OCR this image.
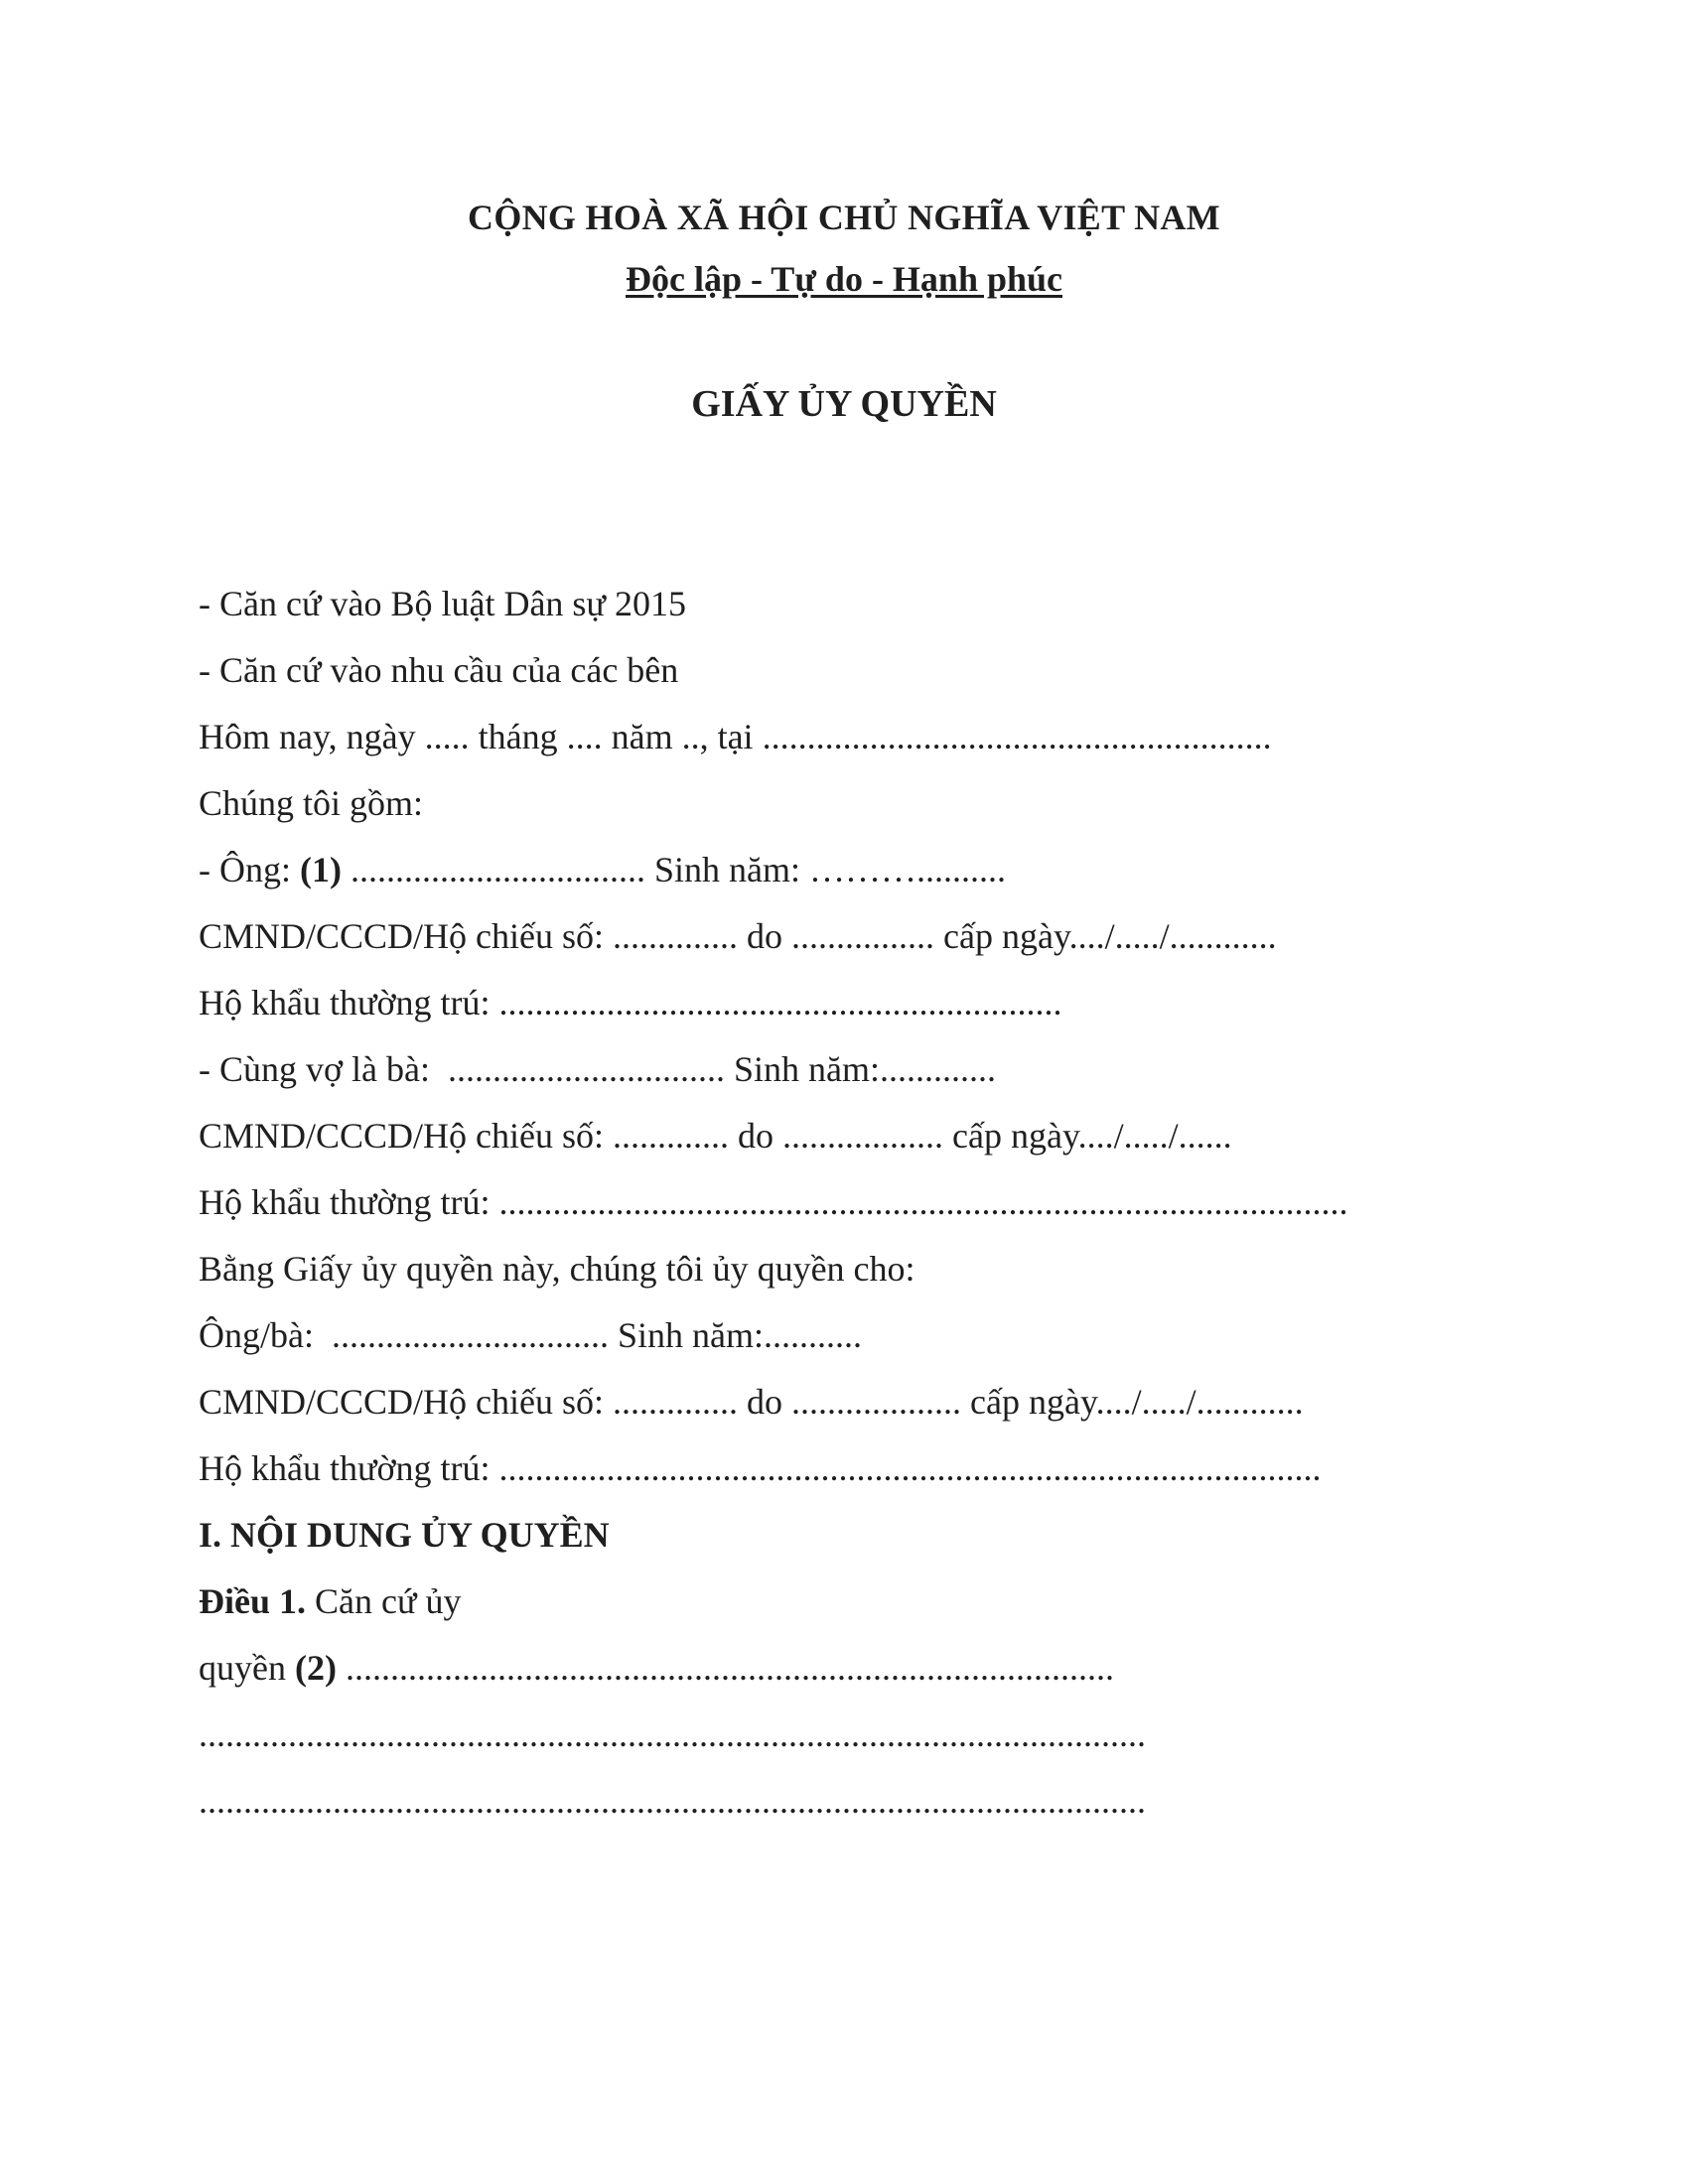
CỘNG HOÀ XÃ HỘI CHỦ NGHĨA VIỆT NAM
Độc lập - Tự do - Hạnh phúc
GIẤY ỦY QUYỀN
- Căn cứ vào Bộ luật Dân sự 2015
- Căn cứ vào nhu cầu của các bên
Hôm nay, ngày ..... tháng .... năm .., tại .........................................................
Chúng tôi gồm:
- Ông: (1) ................................. Sinh năm: ………..........
CMND/CCCD/Hộ chiếu số: .............. do ................ cấp ngày..../...../............
Hộ khẩu thường trú: ...............................................................
- Cùng vợ là bà:  ............................... Sinh năm:.............
CMND/CCCD/Hộ chiếu số: ............. do .................. cấp ngày..../...../......
Hộ khẩu thường trú: ...............................................................................................
Bằng Giấy ủy quyền này, chúng tôi ủy quyền cho:
Ông/bà:  ............................... Sinh năm:...........
CMND/CCCD/Hộ chiếu số: .............. do ................... cấp ngày..../...../............
Hộ khẩu thường trú: ............................................................................................
I. NỘI DUNG ỦY QUYỀN
Điều 1. Căn cứ ủy
quyền (2) ......................................................................................
..........................................................................................................
..........................................................................................................
